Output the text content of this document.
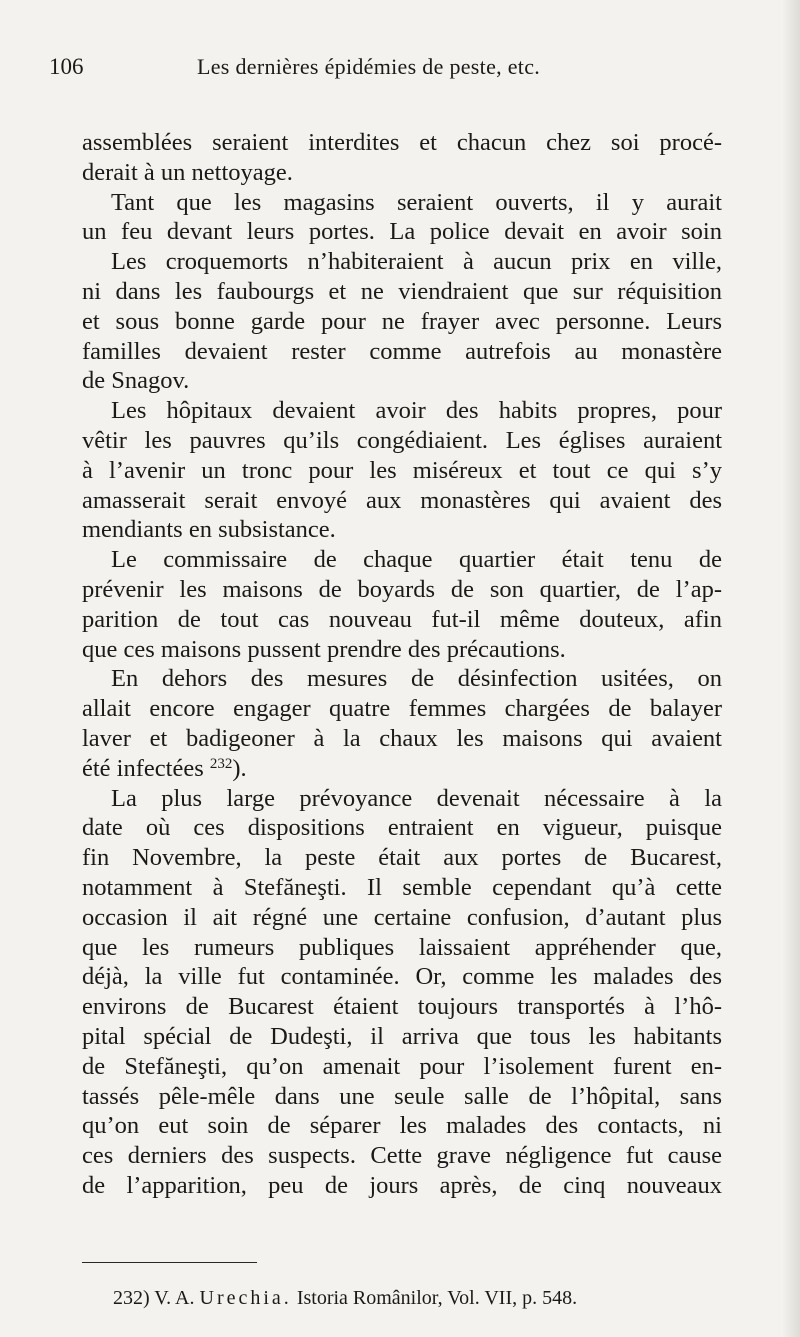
106	Les dernières épidémies de peste, etc.
assemblées seraient interdites et chacun chez soi procé-
derait à un nettoyage.
Tant que les magasins seraient ouverts, il y aurait
un feu devant leurs portes. La police devait en avoir soin
Les croquemorts n’habiteraient à aucun prix en ville,
ni dans les faubourgs et ne viendraient que sur réquisition
et sous bonne garde pour ne frayer avec personne. Leurs
familles devaient rester comme autrefois au monastère
de Snagov.
Les hôpitaux devaient avoir des habits propres, pour
vêtir les pauvres qu’ils congédiaient. Les églises auraient
à l’avenir un tronc pour les miséreux et tout ce qui s’y
amasserait serait envoyé aux monastères qui avaient des
mendiants en subsistance.
Le commissaire de chaque quartier était tenu de
prévenir les maisons de boyards de son quartier, de l’ap-
parition de tout cas nouveau fut-il même douteux, afin
que ces maisons pussent prendre des précautions.
En dehors des mesures de désinfection usitées, on
allait encore engager quatre femmes chargées de balayer
laver et badigeoner à la chaux les maisons qui avaient
été infectées $^{232}$).
La plus large prévoyance devenait nécessaire à la
date où ces dispositions entraient en vigueur, puisque
fin Novembre, la peste était aux portes de Bucarest,
notamment à Stefăneşti. Il semble cependant qu’à cette
occasion il ait régné une certaine confusion, d’autant plus
que les rumeurs publiques laissaient appréhender que,
déjà, la ville fut contaminée. Or, comme les malades des
environs de Bucarest étaient toujours transportés à l’hô-
pital spécial de Dudeşti, il arriva que tous les habitants
de Stefăneşti, qu’on amenait pour l’isolement furent en-
tassés pêle-mêle dans une seule salle de l’hôpital, sans
qu’on eut soin de séparer les malades des contacts, ni
ces derniers des suspects. Cette grave négligence fut cause
de l’apparition, peu de jours après, de cinq nouveaux
232) V. A. Urechia. Istoria Românilor, Vol. VII, p. 548.
